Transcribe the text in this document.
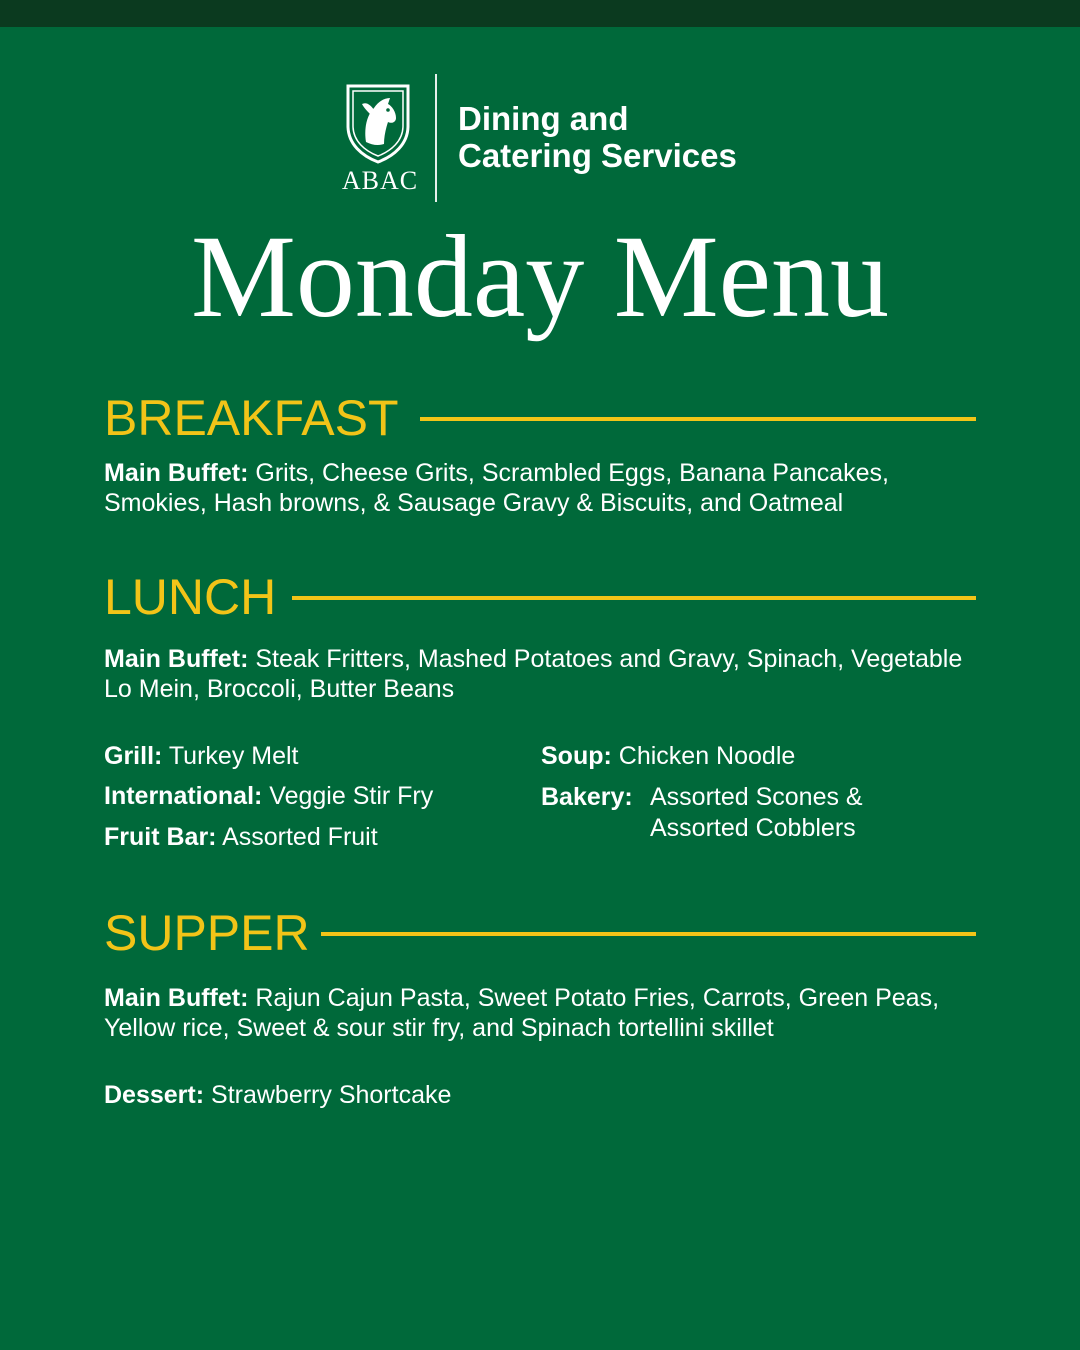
ABAC
Dining and
Catering Services
Monday Menu
BREAKFAST
Main Buffet: Grits, Cheese Grits, Scrambled Eggs, Banana Pancakes, Smokies, Hash browns, & Sausage Gravy & Biscuits, and Oatmeal
LUNCH
Main Buffet: Steak Fritters, Mashed Potatoes and Gravy, Spinach, Vegetable Lo Mein, Broccoli, Butter Beans
Grill: Turkey Melt
International: Veggie Stir Fry
Fruit Bar: Assorted Fruit
Soup: Chicken Noodle
Bakery: Assorted Scones &
Assorted Cobblers
SUPPER
Main Buffet: Rajun Cajun Pasta, Sweet Potato Fries, Carrots, Green Peas, Yellow rice, Sweet & sour stir fry, and Spinach tortellini skillet
Dessert: Strawberry Shortcake
